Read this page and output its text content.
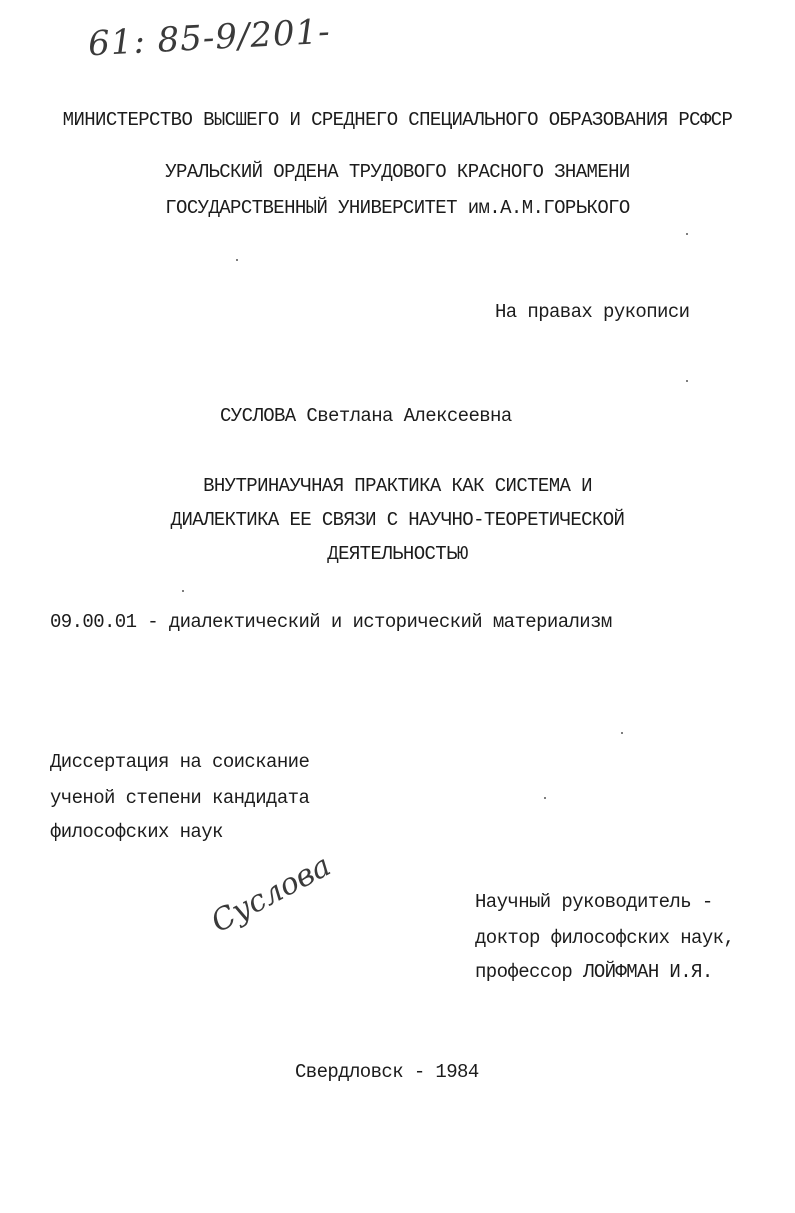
61: 85-9/201-
МИНИСТЕРСТВО ВЫСШЕГО И СРЕДНЕГО СПЕЦИАЛЬНОГО ОБРАЗОВАНИЯ РСФСР
УРАЛЬСКИЙ ОРДЕНА ТРУДОВОГО КРАСНОГО ЗНАМЕНИ
ГОСУДАРСТВЕННЫЙ УНИВЕРСИТЕТ им.А.М.ГОРЬКОГО
На правах рукописи
СУСЛОВА Светлана Алексеевна
ВНУТРИНАУЧНАЯ ПРАКТИКА КАК СИСТЕМА И
ДИАЛЕКТИКА ЕЕ СВЯЗИ С НАУЧНО-ТЕОРЕТИЧЕСКОЙ
ДЕЯТЕЛЬНОСТЬЮ
09.00.01 - диалектический и исторический материализм
Диссертация на соискание
ученой степени кандидата
философских наук
Суслова	Научный руководитель -
доктор философских наук,
профессор ЛОЙФМАН И.Я.
Свердловск - 1984
